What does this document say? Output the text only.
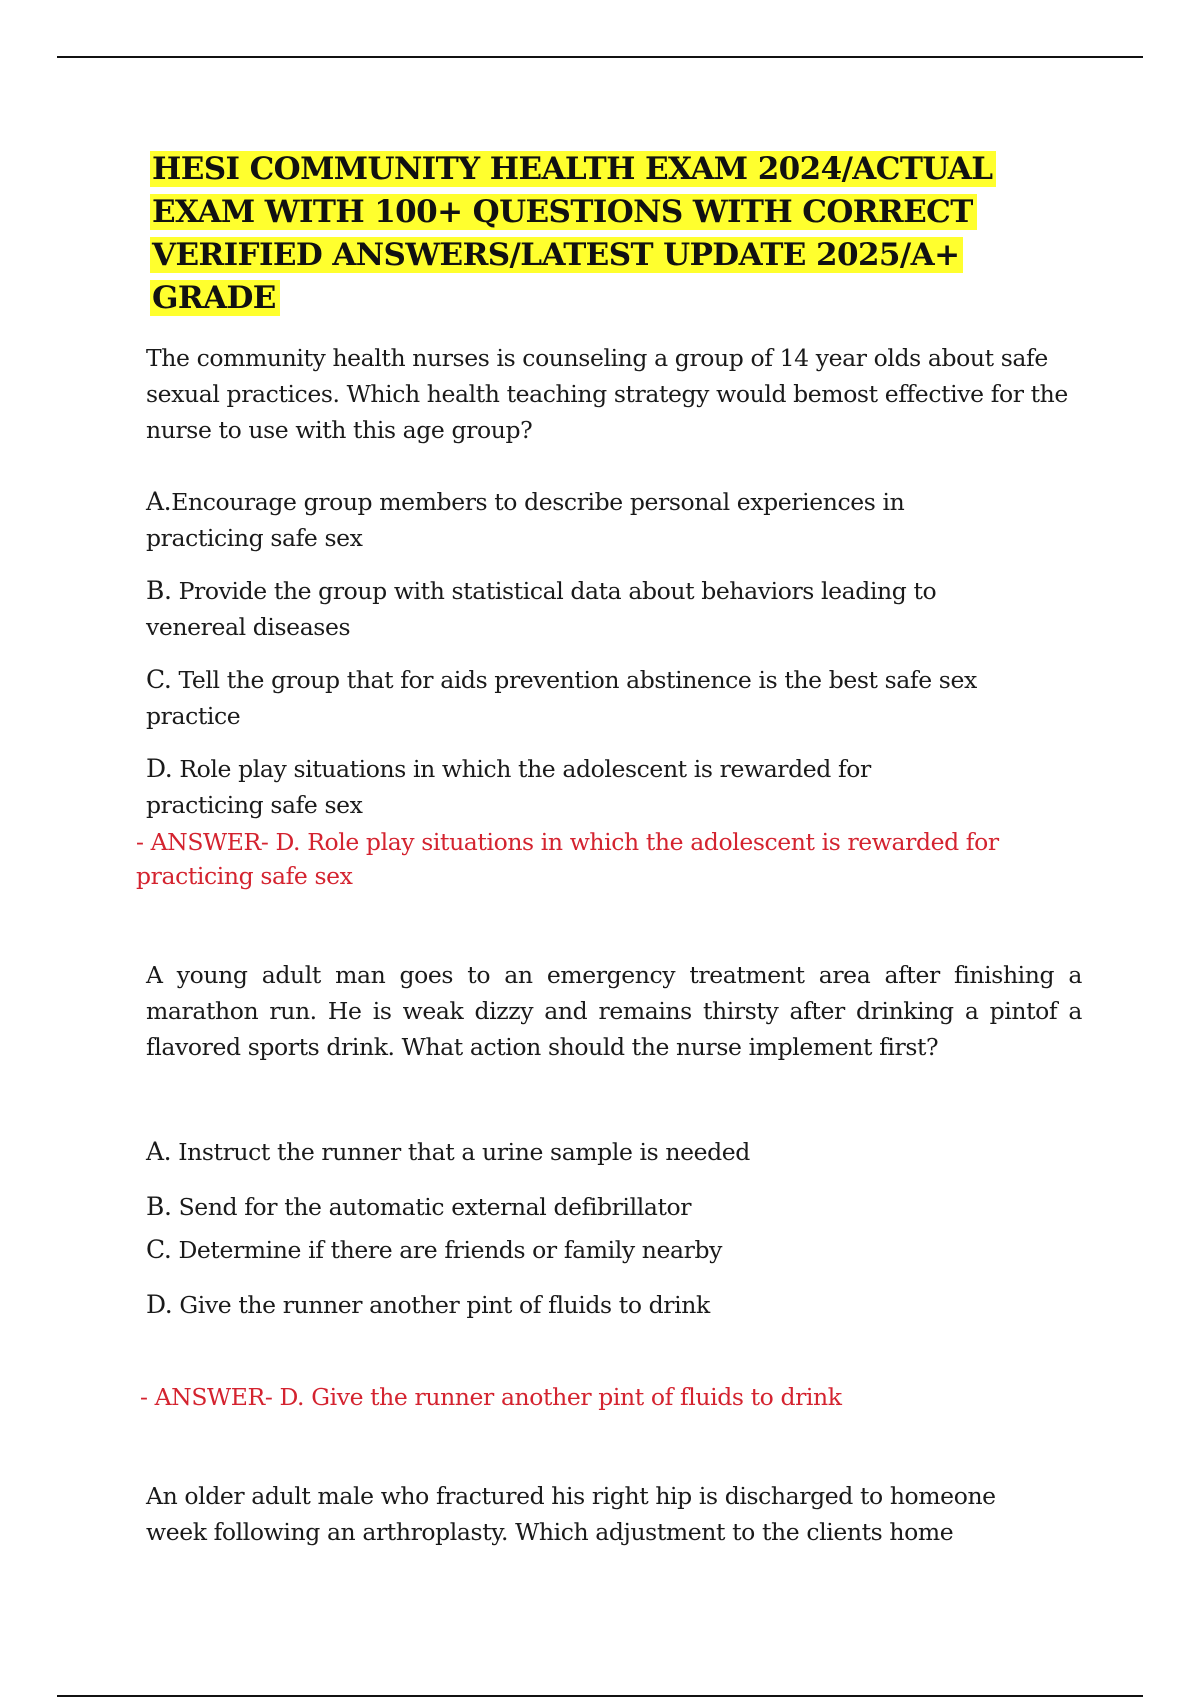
HESI COMMUNITY HEALTH EXAM 2024/ACTUAL EXAM WITH 100+ QUESTIONS WITH CORRECT VERIFIED ANSWERS/LATEST UPDATE 2025/A+ GRADE
The community health nurses is counseling a group of 14 year olds about safe sexual practices. Which health teaching strategy would bemost effective for the nurse to use with this age group?
A.Encourage group members to describe personal experiences in practicing safe sex
B. Provide the group with statistical data about behaviors leading to venereal diseases
C. Tell the group that for aids prevention abstinence is the best safe sex practice
D. Role play situations in which the adolescent is rewarded for practicing safe sex
- ANSWER- D. Role play situations in which the adolescent is rewarded for practicing safe sex
A young adult man goes to an emergency treatment area after finishing a marathon run. He is weak dizzy and remains thirsty after drinking a pintof a flavored sports drink. What action should the nurse implement first?
A. Instruct the runner that a urine sample is needed
B. Send for the automatic external defibrillator
C. Determine if there are friends or family nearby
D. Give the runner another pint of fluids to drink
- ANSWER- D. Give the runner another pint of fluids to drink
An older adult male who fractured his right hip is discharged to homeone week following an arthroplasty. Which adjustment to the clients home
